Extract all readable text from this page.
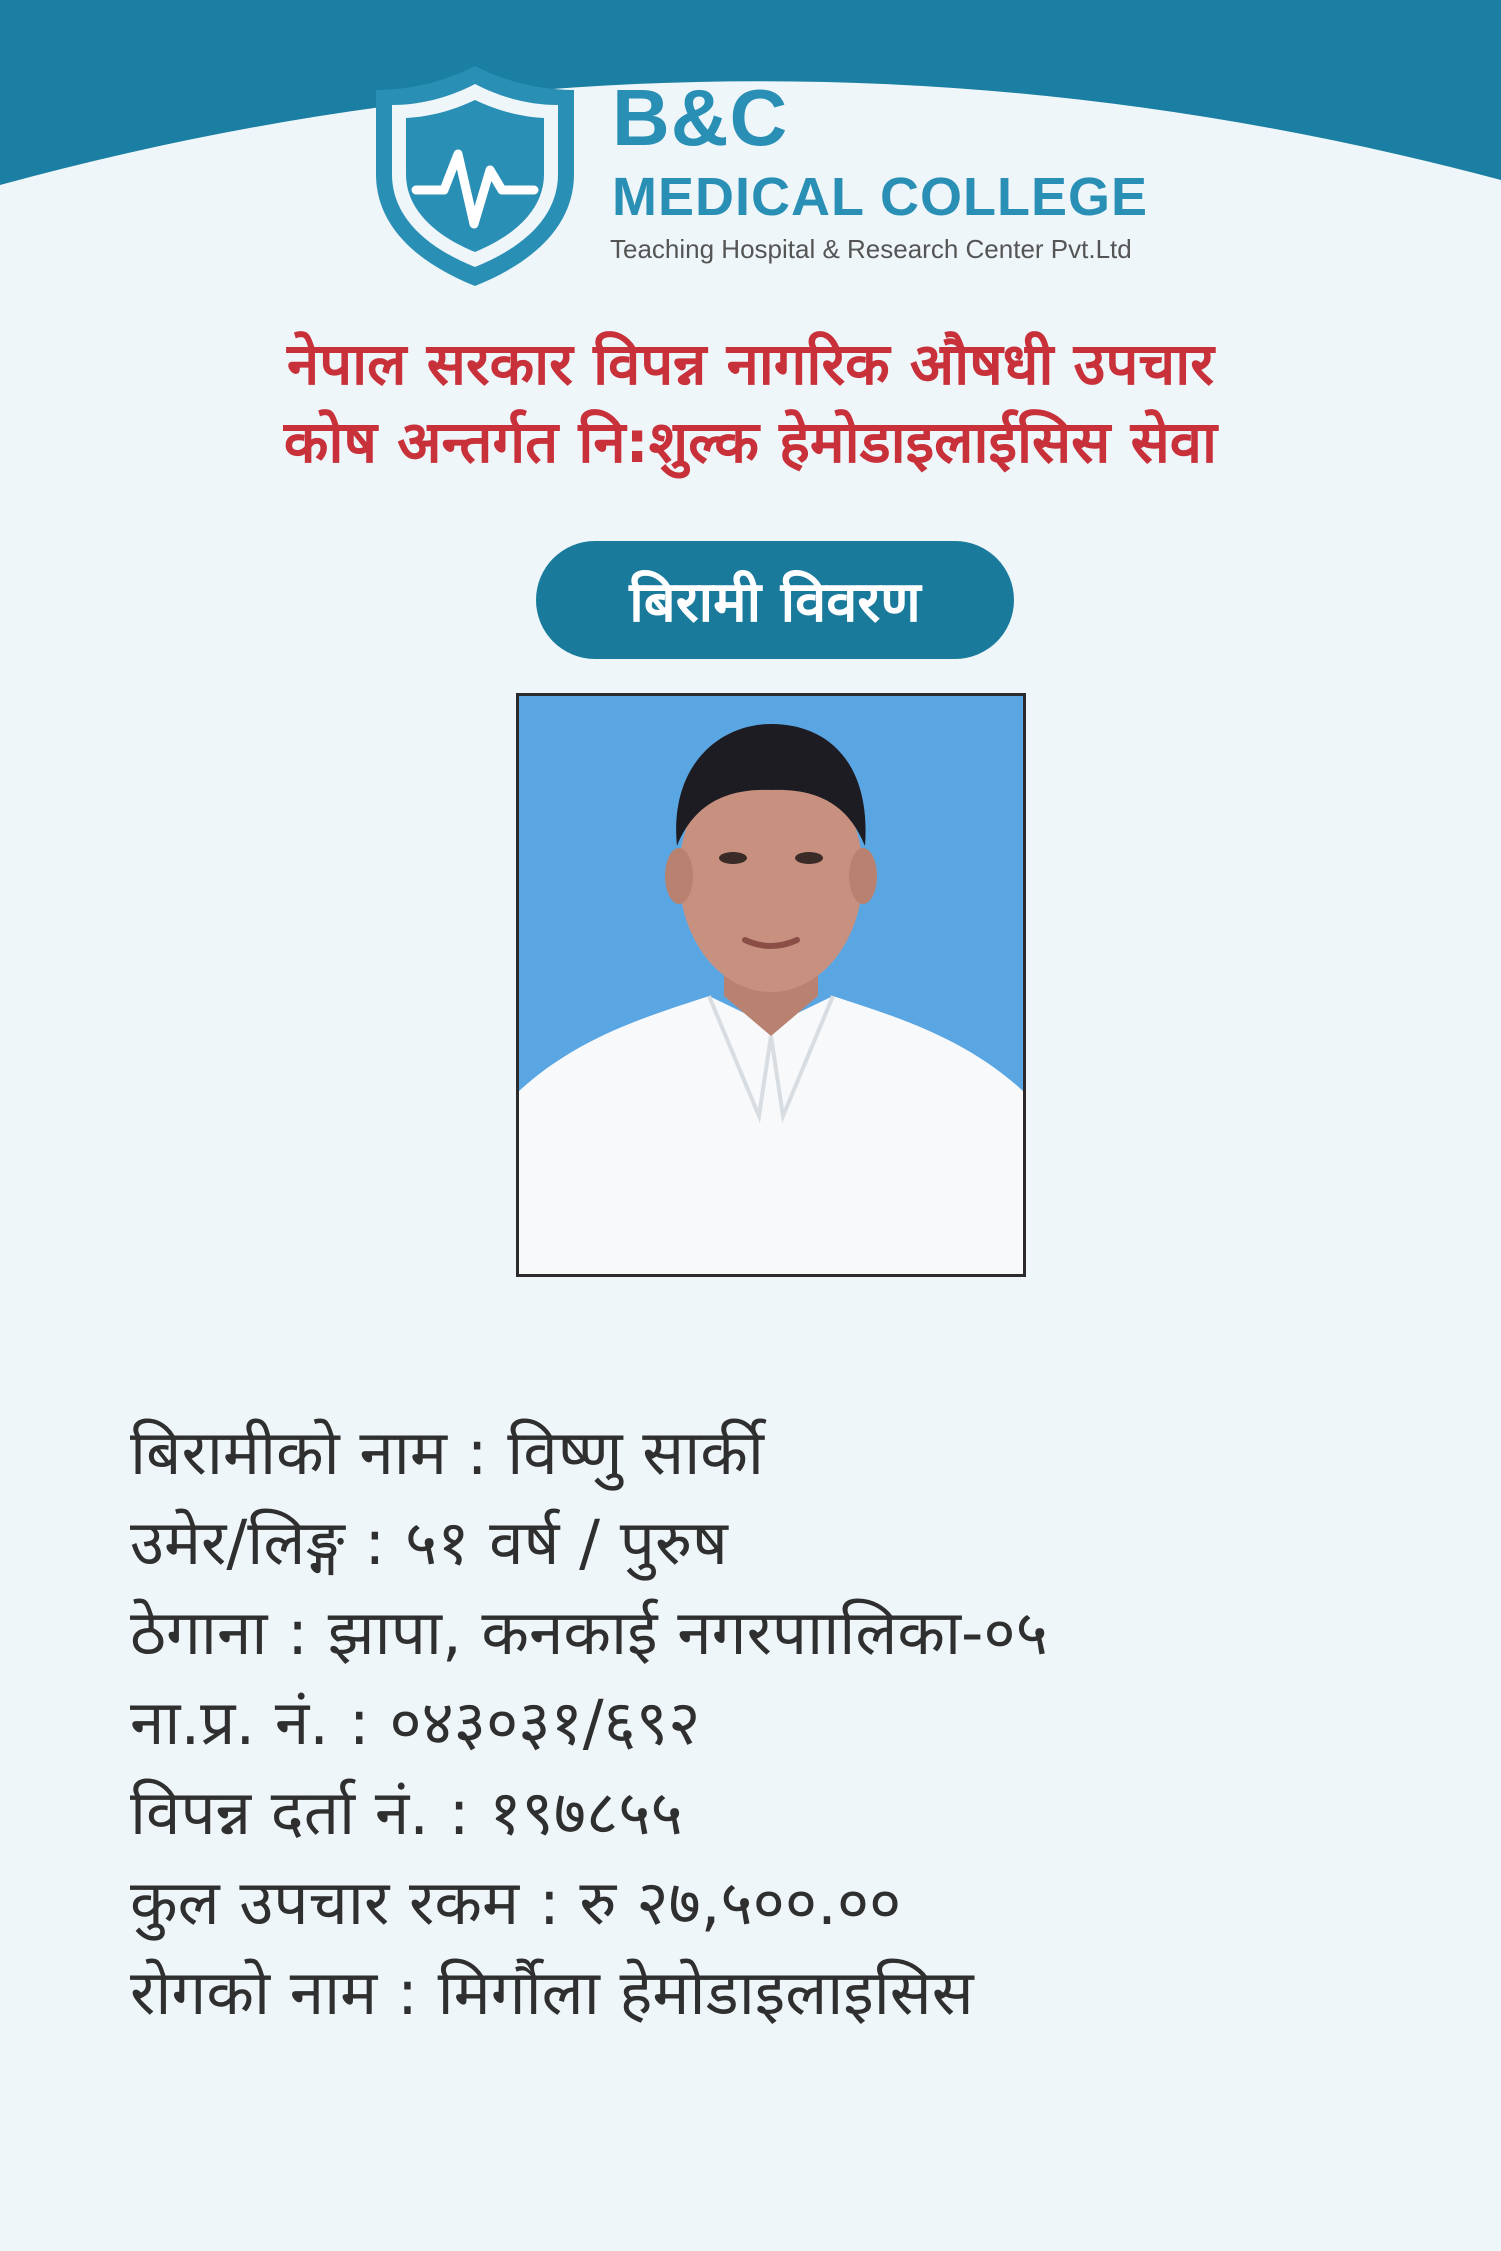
B&C
MEDICAL COLLEGE
Teaching Hospital & Research Center Pvt.Ltd
नेपाल सरकार विपन्न नागरिक औषधी उपचार
कोष अन्तर्गत नि:शुल्क हेमोडाइलाईसिस सेवा
बिरामी विवरण
बिरामीको नाम : विष्णु सार्की
उमेर/लिङ्ग : ५१ वर्ष / पुरुष
ठेगाना : झापा, कनकाई नगरपाालिका-०५
ना.प्र. नं. : ०४३०३१/६९२
विपन्न दर्ता नं. : १९७८५५
कुल उपचार रकम : रु २७,५००.००
रोगको नाम : मिर्गौला हेमोडाइलाइसिस
